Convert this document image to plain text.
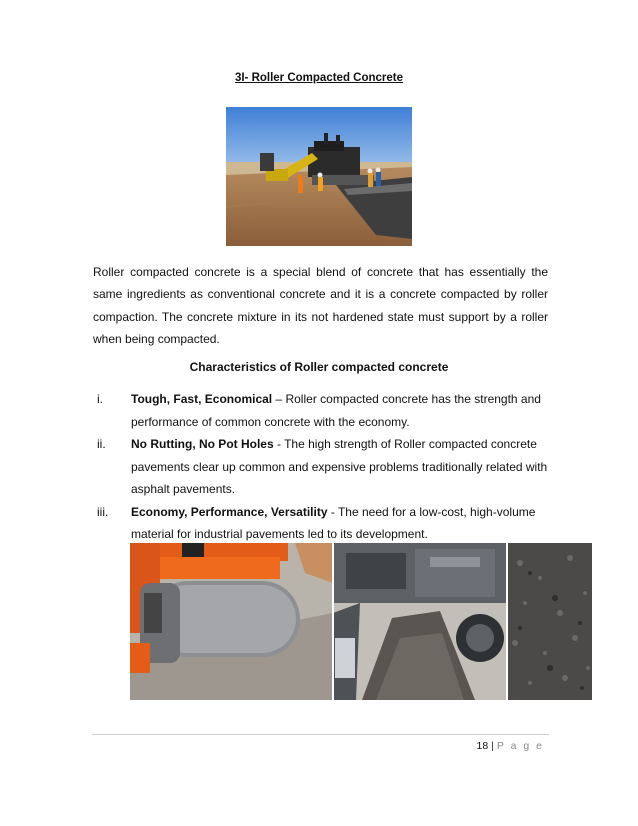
3I- Roller Compacted Concrete
Roller compacted concrete is a special blend of concrete that has essentially the same ingredients as conventional concrete and it is a concrete compacted by roller compaction. The concrete mixture in its not hardened state must support by a roller when being compacted.
Characteristics of Roller compacted concrete
i.	Tough, Fast, Economical – Roller compacted concrete has the strength and performance of common concrete with the economy.
ii.	No Rutting, No Pot Holes - The high strength of Roller compacted concrete pavements clear up common and expensive problems traditionally related with asphalt pavements.
iii.	Economy, Performance, Versatility - The need for a low-cost, high-volume material for industrial pavements led to its development.
18 | P a g e
